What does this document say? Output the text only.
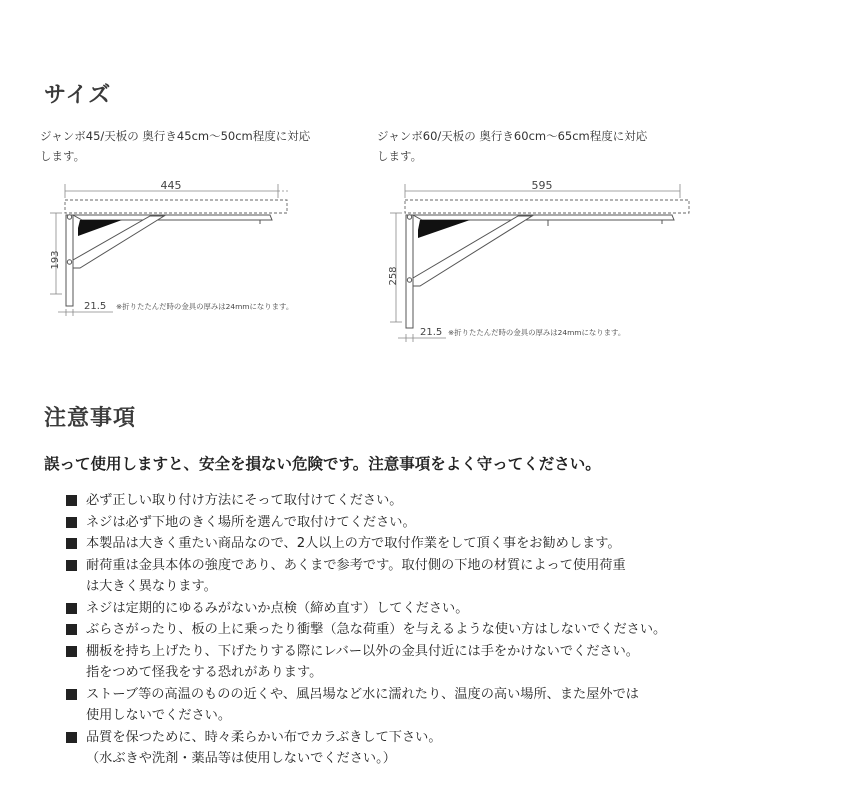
サイズ
ジャンボ45/天板の 奥行き45cm〜50cm程度に対応
します。
ジャンボ60/天板の 奥行き60cm〜65cm程度に対応
します。
445
193
21.5 ※折りたたんだ時の金具の厚みは24mmになります。
595
258
21.5 ※折りたたんだ時の金具の厚みは24mmになります。
注意事項
誤って使用しますと、安全を損ない危険です。注意事項をよく守ってください。
必ず正しい取り付け方法にそって取付けてください。
ネジは必ず下地のきく場所を選んで取付けてください。
本製品は大きく重たい商品なので、2人以上の方で取付作業をして頂く事をお勧めします。
耐荷重は金具本体の強度であり、あくまで参考です。取付側の下地の材質によって使用荷重
は大きく異なります。
ネジは定期的にゆるみがないか点検（締め直す）してください。
ぶらさがったり、板の上に乗ったり衝撃（急な荷重）を与えるような使い方はしないでください。
棚板を持ち上げたり、下げたりする際にレバー以外の金具付近には手をかけないでください。
指をつめて怪我をする恐れがあります。
ストーブ等の高温のものの近くや、風呂場など水に濡れたり、温度の高い場所、また屋外では
使用しないでください。
品質を保つために、時々柔らかい布でカラぶきして下さい。
（水ぶきや洗剤・薬品等は使用しないでください。）
